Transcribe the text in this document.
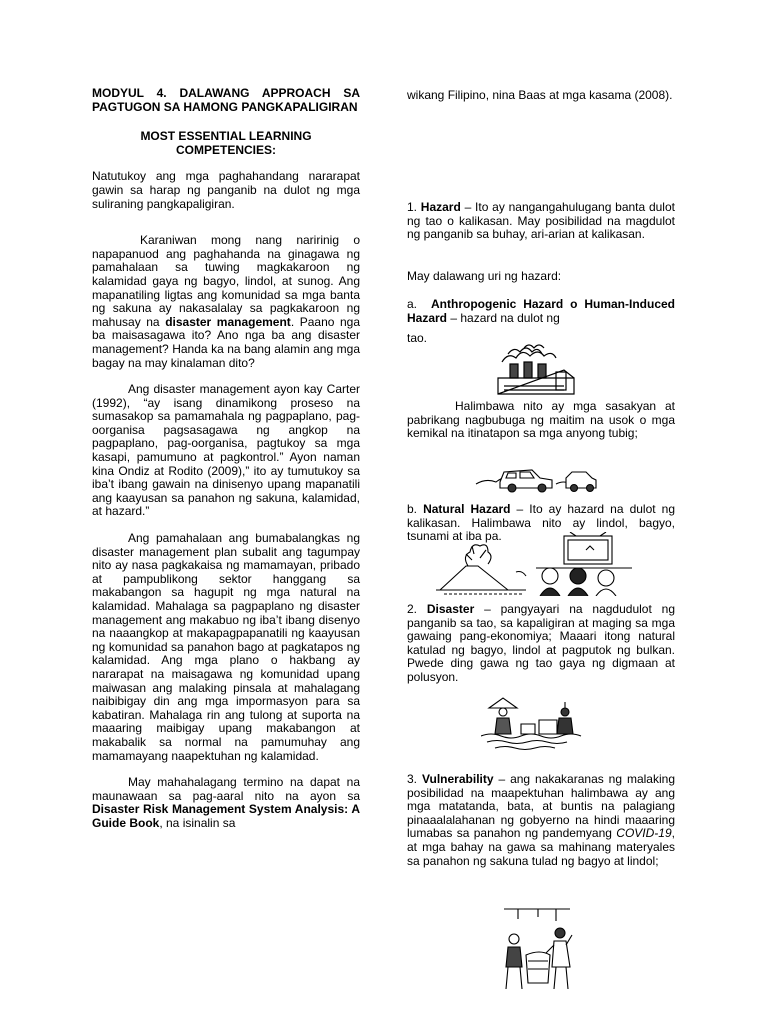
MODYUL 4. DALAWANG APPROACH SA PAGTUGON SA HAMONG PANGKAPALIGIRAN

MOST ESSENTIAL LEARNING COMPETENCIES:

Natutukoy ang mga paghahandang nararapat gawin sa harap ng panganib na dulot ng mga suliraning pangkapaligiran.

Karaniwan mong nang naririnig o napapanuod ang paghahanda na ginagawa ng pamahalaan sa tuwing magkakaroon ng kalamidad gaya ng bagyo, lindol, at sunog. Ang mapanatiling ligtas ang komunidad sa mga banta ng sakuna ay nakasalalay sa pagkakaroon ng mahusay na disaster management. Paano nga ba maisasagawa ito? Ano nga ba ang disaster management? Handa ka na bang alamin ang mga bagay na may kinalaman dito?

Ang disaster management ayon kay Carter (1992), “ay isang dinamikong proseso na sumasakop sa pamamahala ng pagpaplano, pag-oorganisa pagsasagawa ng angkop na pagpaplano, pag-oorganisa, pagtukoy sa mga kasapi, pamumuno at pagkontrol.” Ayon naman kina Ondiz at Rodito (2009),” ito ay tumutukoy sa iba’t ibang gawain na dinisenyo upang mapanatili ang kaayusan sa panahon ng sakuna, kalamidad, at hazard.”

Ang pamahalaan ang bumabalangkas ng disaster management plan subalit ang tagumpay nito ay nasa pagkakaisa ng mamamayan, pribado at pampublikong sektor hanggang sa makabangon sa hagupit ng mga natural na kalamidad. Mahalaga sa pagpaplano ng disaster management ang makabuo ng iba’t ibang disenyo na naaangkop at makapagpapanatili ng kaayusan ng komunidad sa panahon bago at pagkatapos ng kalamidad. Ang mga plano o hakbang ay nararapat na maisagawa ng komunidad upang maiwasan ang malaking pinsala at mahalagang naibibigay din ang mga impormasyon para sa kabatiran. Mahalaga rin ang tulong at suporta na maaaring maibigay upang makabangon at makabalik sa normal na pamumuhay ang mamamayang naapektuhan ng kalamidad.

May mahahalagang termino na dapat na maunawaan sa pag-aaral nito na ayon sa Disaster Risk Management System Analysis: A Guide Book, na isinalin sa

wikang Filipino, nina Baas at mga kasama (2008).

1. Hazard – Ito ay nangangahulugang banta dulot ng tao o kalikasan. May posibilidad na magdulot ng panganib sa buhay, ari-arian at kalikasan.

May dalawang uri ng hazard:

a. Anthropogenic Hazard o Human-Induced Hazard – hazard na dulot ng

tao.

Halimbawa nito ay mga sasakyan at pabrikang nagbubuga ng maitim na usok o mga kemikal na itinatapon sa mga anyong tubig;

b. Natural Hazard – Ito ay hazard na dulot ng kalikasan. Halimbawa nito ay lindol, bagyo, tsunami at iba pa.

2. Disaster – pangyayari na nagdudulot ng panganib sa tao, sa kapaligiran at maging sa mga gawaing pang-ekonomiya; Maaari itong natural katulad ng bagyo, lindol at pagputok ng bulkan. Pwede ding gawa ng tao gaya ng digmaan at polusyon.

3. Vulnerability – ang nakakaranas ng malaking posibilidad na maapektuhan halimbawa ay ang mga matatanda, bata, at buntis na palagiang pinaaalalahanan ng gobyerno na hindi maaaring lumabas sa panahon ng pandemyang COVID-19, at mga bahay na gawa sa mahinang materyales sa panahon ng sakuna tulad ng bagyo at lindol;
